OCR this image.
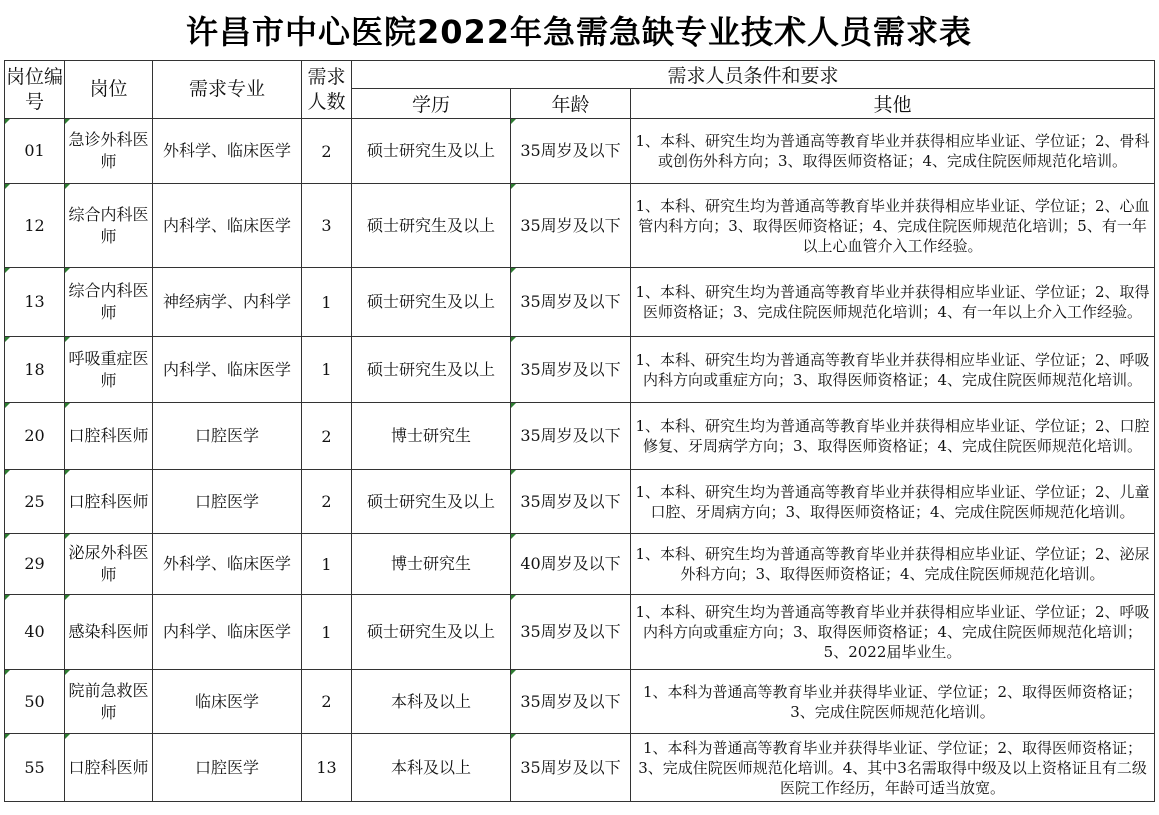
许昌市中心医院2022年急需急缺专业技术人员需求表
岗位编号	岗位	需求专业	需求人数	需求人员条件和要求		
				学历	年龄	其他
01	急诊外科医师	外科学、临床医学	2	硕士研究生及以上	35周岁及以下	1、本科、研究生均为普通高等教育毕业并获得相应毕业证、学位证；2、骨科或创伤外科方向；3、取得医师资格证；4、完成住院医师规范化培训。
12	综合内科医师	内科学、临床医学	3	硕士研究生及以上	35周岁及以下	1、本科、研究生均为普通高等教育毕业并获得相应毕业证、学位证；2、心血管内科方向；3、取得医师资格证；4、完成住院医师规范化培训；5、有一年以上心血管介入工作经验。
13	综合内科医师	神经病学、内科学	1	硕士研究生及以上	35周岁及以下	1、本科、研究生均为普通高等教育毕业并获得相应毕业证、学位证；2、取得医师资格证；3、完成住院医师规范化培训；4、有一年以上介入工作经验。
18	呼吸重症医师	内科学、临床医学	1	硕士研究生及以上	35周岁及以下	1、本科、研究生均为普通高等教育毕业并获得相应毕业证、学位证；2、呼吸内科方向或重症方向；3、取得医师资格证；4、完成住院医师规范化培训。
20	口腔科医师	口腔医学	2	博士研究生	35周岁及以下	1、本科、研究生均为普通高等教育毕业并获得相应毕业证、学位证；2、口腔修复、牙周病学方向；3、取得医师资格证；4、完成住院医师规范化培训。
25	口腔科医师	口腔医学	2	硕士研究生及以上	35周岁及以下	1、本科、研究生均为普通高等教育毕业并获得相应毕业证、学位证；2、儿童口腔、牙周病方向；3、取得医师资格证；4、完成住院医师规范化培训。
29	泌尿外科医师	外科学、临床医学	1	博士研究生	40周岁及以下	1、本科、研究生均为普通高等教育毕业并获得相应毕业证、学位证；2、泌尿外科方向；3、取得医师资格证；4、完成住院医师规范化培训。

40	感染科医师	内科学、临床医学	1	硕士研究生及以上	35周岁及以下	1、本科、研究生均为普通高等教育毕业并获得相应毕业证、学位证；2、呼吸内科方向或重症方向；3、取得医师资格证；4、完成住院医师规范化培训；5、2022届毕业生。
50	院前急救医师	临床医学	2	本科及以上	35周岁及以下	1、本科为普通高等教育毕业并获得毕业证、学位证；2、取得医师资格证；3、完成住院医师规范化培训。
55	口腔科医师	口腔医学	13	本科及以上	35周岁及以下	1、本科为普通高等教育毕业并获得毕业证、学位证；2、取得医师资格证；3、完成住院医师规范化培训。4、其中3名需取得中级及以上资格证且有二级医院工作经历，年龄可适当放宽。
